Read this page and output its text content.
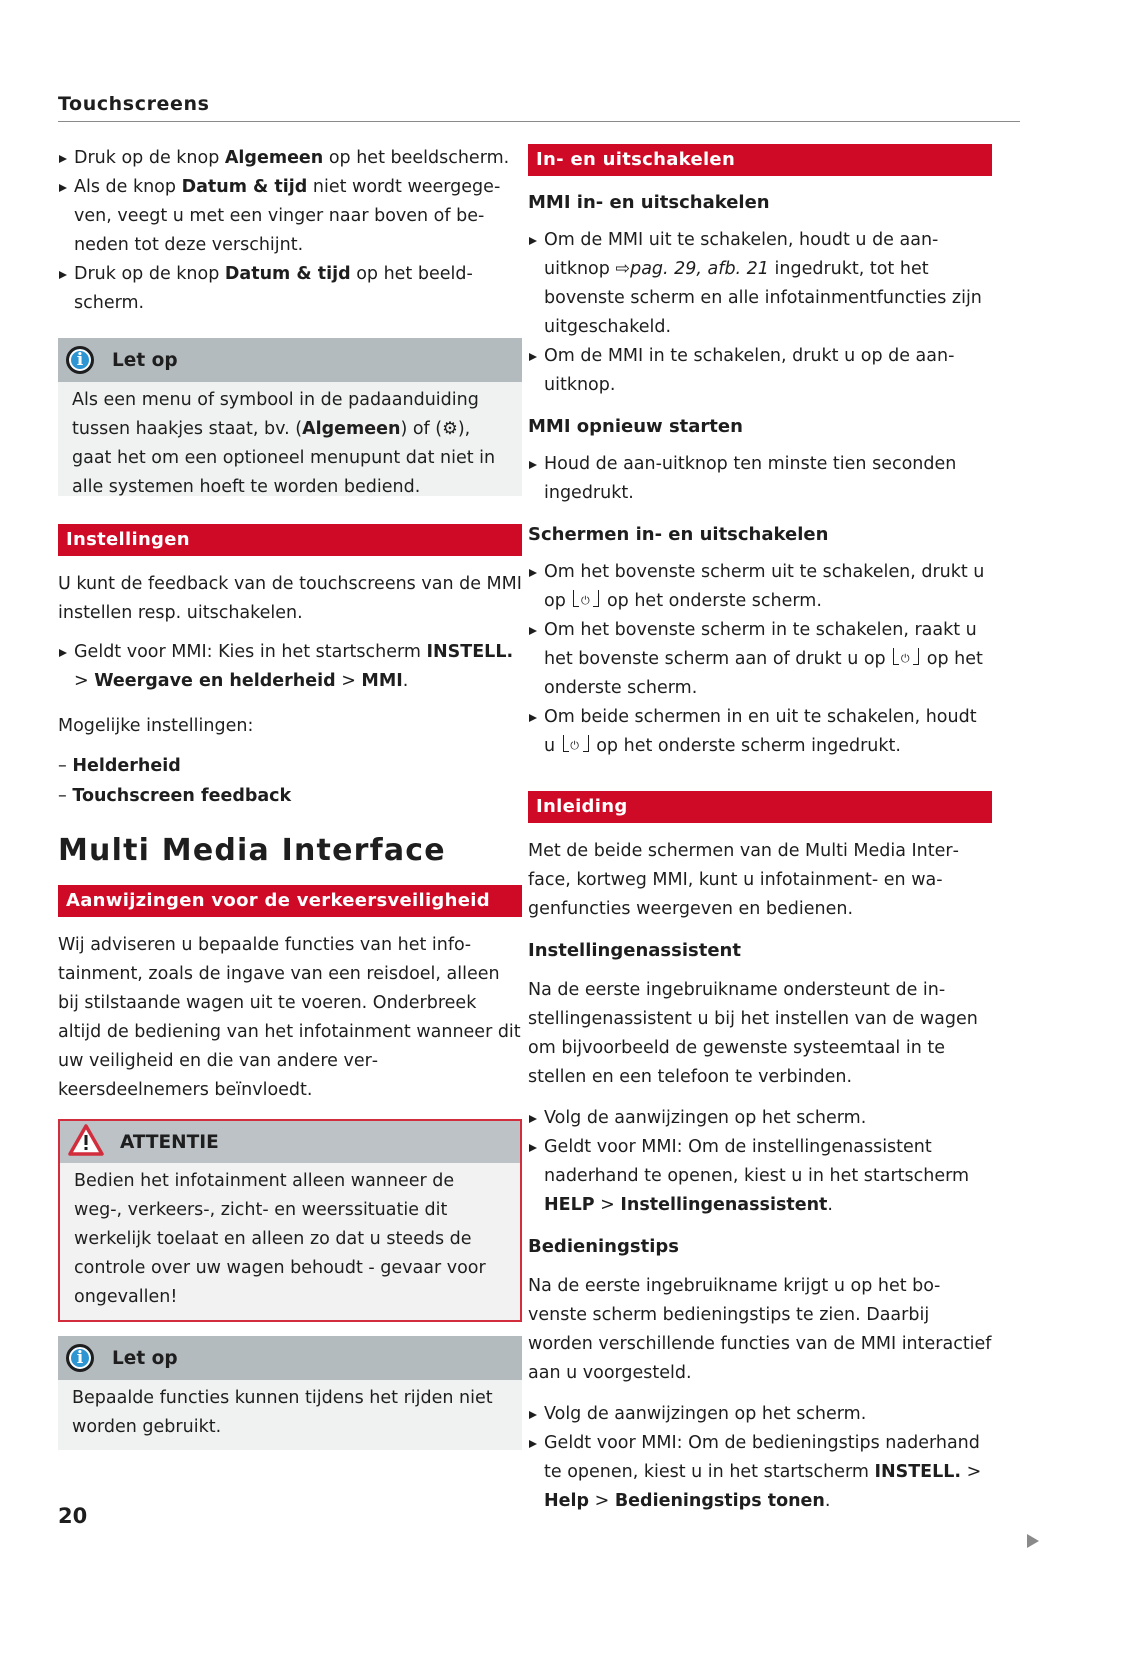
Touchscreens
Druk op de knop Algemeen op het beeldscherm.
Als de knop Datum & tijd niet wordt weergegeven, veegt u met een vinger naar boven of beneden tot deze verschijnt.
Druk op de knop Datum & tijd op het beeldscherm.
i	Let op
Als een menu of symbool in de padaanduiding tussen haakjes staat, bv. (Algemeen) of (⚙), gaat het om een optioneel menupunt dat niet in alle systemen hoeft te worden bediend.
Instellingen

U kunt de feedback van de touchscreens van de MMI instellen resp. uitschakelen.

Geldt voor MMI: Kies in het startscherm INSTELL. > Weergave en helderheid > MMI.

Mogelijke instellingen:

– Helderheid
– Touchscreen feedback
Multi Media Interface
Aanwijzingen voor de verkeersveiligheid

Wij adviseren u bepaalde functies van het infotainment, zoals de ingave van een reisdoel, alleen bij stilstaande wagen uit te voeren. Onderbreek altijd de bediening van het infotainment wanneer dit uw veiligheid en die van andere verkeersdeelnemers beïnvloedt.

ATTENTIE
Bedien het infotainment alleen wanneer de weg-, verkeers-, zicht- en weerssituatie dit werkelijk toelaat en alleen zo dat u steeds de controle over uw wagen behoudt - gevaar voor ongevallen!
i	Let op
Bepaalde functies kunnen tijdens het rijden niet worden gebruikt.
In- en uitschakelen
MMI in- en uitschakelen
Om de MMI uit te schakelen, houdt u de aanuitknop ⇨pag. 29, afb. 21 ingedrukt, tot het bovenste scherm en alle infotainmentfuncties zijn uitgeschakeld.
Om de MMI in te schakelen, drukt u op de aanuitknop.
MMI opnieuw starten
Houd de aan-uitknop ten minste tien seconden ingedrukt.
Schermen in- en uitschakelen
Om het bovenste scherm uit te schakelen, drukt u op ⏻ op het onderste scherm.
Om het bovenste scherm in te schakelen, raakt u het bovenste scherm aan of drukt u op ⏻ op het onderste scherm.
Om beide schermen in en uit te schakelen, houdt u ⏻ op het onderste scherm ingedrukt.
Inleiding

Met de beide schermen van de Multi Media Interface, kortweg MMI, kunt u infotainment- en wagenfuncties weergeven en bedienen.

Instellingenassistent

Na de eerste ingebruikname ondersteunt de instellingenassistent u bij het instellen van de wagen om bijvoorbeeld de gewenste systeemtaal in te stellen en een telefoon te verbinden.

Volg de aanwijzingen op het scherm.
Geldt voor MMI: Om de instellingenassistent naderhand te openen, kiest u in het startscherm HELP > Instellingenassistent.
Bedieningstips

Na de eerste ingebruikname krijgt u op het bovenste scherm bedieningstips te zien. Daarbij worden verschillende functies van de MMI interactief aan u voorgesteld.

Volg de aanwijzingen op het scherm.
Geldt voor MMI: Om de bedieningstips naderhand te openen, kiest u in het startscherm INSTELL. > Help > Bedieningstips tonen.
20
